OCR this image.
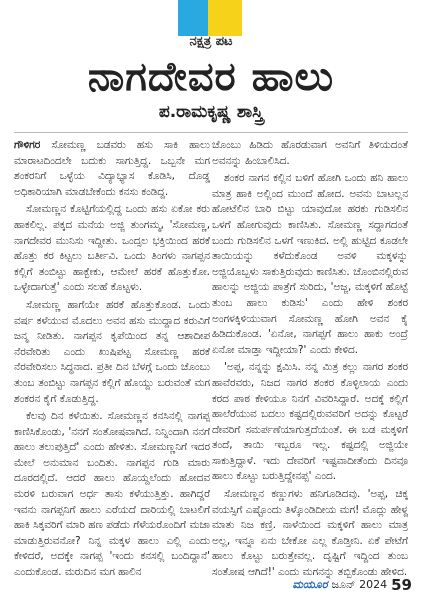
ನಕ್ಷತ್ರ ಪಟ
ನಾಗದೇವರ ಹಾಲು
ಪ.ರಾಮಕೃಷ್ಣ ಶಾಸ್ತ್ರಿ

ಗೌಳಿಗರ ಸೋಮಣ್ಣ ಬಡವರು ಹಸು ಸಾಕಿ ಹಾಲು ಮಾರಾಟದಿಂದಲೇ ಬದುಕು ಸಾಗುತ್ತಿದ್ದ. ಒಬ್ಬನೇ ಮಗ ಶಂಕರನಿಗೆ ಒಳ್ಳೆಯ ವಿದ್ಯಾಭ್ಯಾಸ ಕೊಡಿಸಿ, ದೊಡ್ಡ ಅಧಿಕಾರಿಯಾಗಿ ಮಾಡಬೇಕೆಂದು ಕನಸು ಕಂಡಿದ್ದ.

ಸೋಮಣ್ಣನ ಕೊಟ್ಟಿಗೆಯಲ್ಲಿದ್ದ ಒಂದು ಹಸು ಏಕೋ ಕರು ಹಾಕಲಿಲ್ಲ. ಪಕ್ಕದ ಮನೆಯ ಅಜ್ಜಿ ತುಂಗಮ್ಮ, 'ಸೋಮಣ್ಣ, ನಾಗದೇವರ ಮುನಿಸು ಇದ್ದೀತು. ಒಂದ್ಸಲ ಭಕ್ತಿಯಿಂದ ಹರಕೆ ಹೊತ್ತು ಕರ ಕಿಟ್ಟಲು ಬರ್ತೀವಿ. ಒಂದು ತಿಂಗಳು ನಾಗಪ್ಪನ ಕಲ್ಲಿಗೆ ತಂಬಿಟ್ಟು ಹಾಕ್ಬೇಕು, ಆಮೇಲೆ ಹರಕೆ ಹೊತ್ತುಕೋ. ಒಳ್ಳೇದಾಗುತ್ತೆ' ಎಂದು ಸಲಹೆ ಕೊಟ್ಟಳು.

ಸೋಮಣ್ಣ ಹಾಗೆಯೇ ಹರಕೆ ಹೊತ್ತುಕೊಂಡ. ಒಂದು ವರ್ಷ ಕಳೆಯುವ ಮೊದಲು ಅವನ ಹಸು ಮುದ್ದಾದ ಕರುವಿಗೆ ಜನ್ಮ ನೀಡಿತು. ನಾಗಪ್ಪನ ಕೃಪೆಯಿಂದ ತನ್ನ ಆಶಾದೀಪ ನೆರವೇರಿತು ಎಂದು ಖುಷಿಪಟ್ಟ ಸೋಮಣ್ಣ ಹರಕೆ ನೆರವೇರಿಸಲು ಸಿದ್ಧನಾದ. ಪ್ರತೀ ದಿನ ಬೆಳಗ್ಗೆ ಒಂದು ಚೊಂಬು ತುಂಬ ತಂಬಿಟ್ಟು ನಾಗಪ್ಪನ ಕಲ್ಲಿಗೆ ಹೊಯ್ದು ಬರುವಂತೆ ಮಗ ಶಂಕರನ ಕೈಗೆ ಕೊಡುತ್ತಿದ್ದ.

ಕೆಲವು ದಿನ ಕಳೆಯಿತು. ಸೋಮಣ್ಣನ ಕನಸಿನಲ್ಲಿ ನಾಗಪ್ಪ ಕಾಣಿಸಿಕೊಂಡು, 'ನನಗೆ ಸಂತೋಷವಾಗಿದೆ. ನಿನ್ನಿಂದಾಗಿ ನನಗೆ ಹಾಲು ತಲುಪುತ್ತಿದೆ' ಎಂದು ಹೇಳಿತು. ಸೋಮಣ್ಣನಿಗೆ ಇದರ ಮೇಲೆ ಅನುಮಾನ ಬಂದಿತು. ನಾಗಪ್ಪನ ಗುಡಿ ಮಾರು ದೂರದಲ್ಲಿದೆ. ಆದರೆ ಹಾಲು ಹೊಯ್ದಲೆಂದು ಹೋದವ ಮರಳಿ ಬರುವಾಗ ಅರ್ಧ ತಾಸು ಕಳೆಯುತ್ತಿತ್ತು. ಹಾಗಿದ್ದರೆ ಇವನು ನಾಗಪ್ಪನಿಗೆ ಹಾಲು ಎರೆಯದೆ ದಾರಿಯಲ್ಲಿ ಬಾಟಲಿಗೆ ಹಾಕಿ ಸಿಕ್ಕವರಿಗೆ ಮಾರಿ ಹಣ ಪಡೆದು ಗೆಳೆಯರೊಂದಿಗೆ ಮಜಾ ಮಾಡುತ್ತಿರುವನೋ? ನಿನ್ನ ಮಕ್ಕಳ ಹಾಲು ಎಲ್ಲಿ ಎಂದು ಕೇಳಿದರೆ, ಅದಕ್ಕೇ ನಾಗಪ್ಪ 'ಇಂದು ಕನಸಲ್ಲಿ ಬಂದಿದ್ದಾನೆ' ಎಂದುಕೊಂಡ. ಮರುದಿನ ಮಗ ಹಾಲಿನ

ಚೊಂಬು ಹಿಡಿದು ಹೊರಡುವಾಗ ಅವನಿಗೆ ತಿಳಿಯದಂತೆ ಅವನನ್ನು ಹಿಂಬಾಲಿಸಿದ.

ಶಂಕರ ನಾಗನ ಕಲ್ಲಿನ ಬಳಿಗೆ ಹೋಗಿ ಒಂದು ಹನಿ ಹಾಲು ಮಾತ್ರ ಹಾಕಿ ಅಲ್ಲಿಂದ ಮುಂದೆ ಹೋದ. ಅವನು ಬಾಟಲ್ಲನ ಹೋಟೆಲಿನ ಬಾರಿ ಬಿಟ್ಟು ಯಾವುದೋ ಹರಕು ಗುಡಿಸಲಿನ ಒಳಗೆ ಹೋಗುವುದು ಕಾಣಿಸಿತು. ಸೋಮಣ್ಣ ಸದ್ದಾಗದಂತೆ ಬಂದು ಗುಡಿಸಲಿನ ಒಳಗೆ ಇಣುಕಿದ. ಅಲ್ಲಿ ಹುಟ್ಟಿದ ಕೂಡಲೇ ತಾಯಿಯನ್ನು ಕಳೆದುಕೊಂಡ ಅವಳಿ ಮಕ್ಕಳನ್ನು ಅಜ್ಜಿಯೊಬ್ಬಳು ಸಾಕುತ್ತಿರುವುದು ಕಾಣಿಸಿತು. ಚೊಂಬಿನಲ್ಲಿರುವ ಹಾಲನ್ನು ಅಜ್ಜಿಯ ಪಾತ್ರೆಗೆ ಸುರಿದು, 'ಅಜ್ಜ, ಮಕ್ಕಳಿಗೆ ಹೊಟ್ಟೆ ತುಂಬ ಹಾಲು ಕುಡಿಸು' ಎಂದು ಹೇಳಿ ಶಂಕರ ಅಂಗಳಕ್ಕಿಳಿಯುವಾಗ ಸೋಮಣ್ಣ ಹೋಗಿ ಅವನ ಕೈ ಹಿಡಿದುಕೊಂಡ. 'ಏನೋ, ನಾಗಪ್ಪಗೆ ಹಾಲು ಹಾಕು ಅಂದ್ರೆ ಏನೋ ಮಾಡ್ತಾ ಇದ್ದೀಯಾ?' ಎಂದು ಕೇಳಿದ.

'ಅಪ್ಪ, ನನ್ನನ್ನು ಕ್ಷಮಿಸಿ. ನನ್ನ ಮಿತ್ರ ಕಲ್ಲು ನಾಗರ ಶಂಕರ ಹಾವೆರವರು, ನಿಜದ ನಾಗರ ಶಂಕರ ಕೊಳ್ಳಿಲಾಯ ಎಂದು ಕರದ ಪಾಠ ಕೇಳಿಯೂ ನಿನಗೆ ವಿವರಿಸಿದ್ದಾರೆ. ಅದಕ್ಕೆ ಕಲ್ಲಿಗೆ ಹಾಲೆರೆಯುವ ಬದಲು ಕಷ್ಟದಲ್ಲಿರುವವರಿಗೆ ಅದನ್ನು ಕೊಟ್ಟರೆ ದೇವರಿಗೆ ಸಮರ್ಪಣೆಯಾಗುತ್ತದೆಯಂತೆ. ಈ ಬಡ ಮಕ್ಕಳಿಗೆ ತಂದೆ, ತಾಯಿ ಇಬ್ಬರೂ ಇಲ್ಲ. ಕಷ್ಟದಲ್ಲಿ ಅಜ್ಜಿಯೇ ಸಾಕುತ್ತಿದ್ದಾಳೆ. ಇದು ದೇವರಿಗೆ ಇಷ್ಟವಾದೀತೆಂದು ದಿನವೂ ಹಾಲು ಕೊಟ್ಟು ಬರುತ್ತಿದ್ದೇನಪ್ಪ' ಎಂದ.

ಸೋಮಣ್ಣನ ಕಣ್ಣುಗಳು ಹನಿಗೂಡಿದವು. 'ಅಪ್ಪ, ಚಿಕ್ಕ ವಯಸ್ಸಿಗೆ ಎಷ್ಟೊಂದು ತಿಳ್ಕೊಂಡಿದೀಯ ಮಗ! ಮೊದ್ಲು ಹೇಳ್ದ ಮಾತು ನಿಜ ಕಣ್ರಿ. ನಾಳೆಯಿಂದ ಮಕ್ಕಳಿಗೆ ಹಾಲು ಮಾತ್ರ ಅಲ್ಲ, ಇನ್ನೂ ಏನು ಬೇಕೋ ಎಲ್ಲ ಕೊಡ್ತೀನಿ. ಏಕೆ ಪೇಟೆಗೆ ಹಾಲು ಕೊಟ್ಟು ಬರುತ್ತೇವಲ್ಲ. ದೃಷ್ಟಿಗೆ ಇದ್ದಿಂದ ತುಂಬ ಸಂತೋಷ ಆಗಿದೆ!' ಎಂದು ಮಗನನ್ನು ತಬ್ಬಿಕೊಂಡು ಹೇಳಿದ.

ಮಯೂರ ಜೂನ್ 2024 59
